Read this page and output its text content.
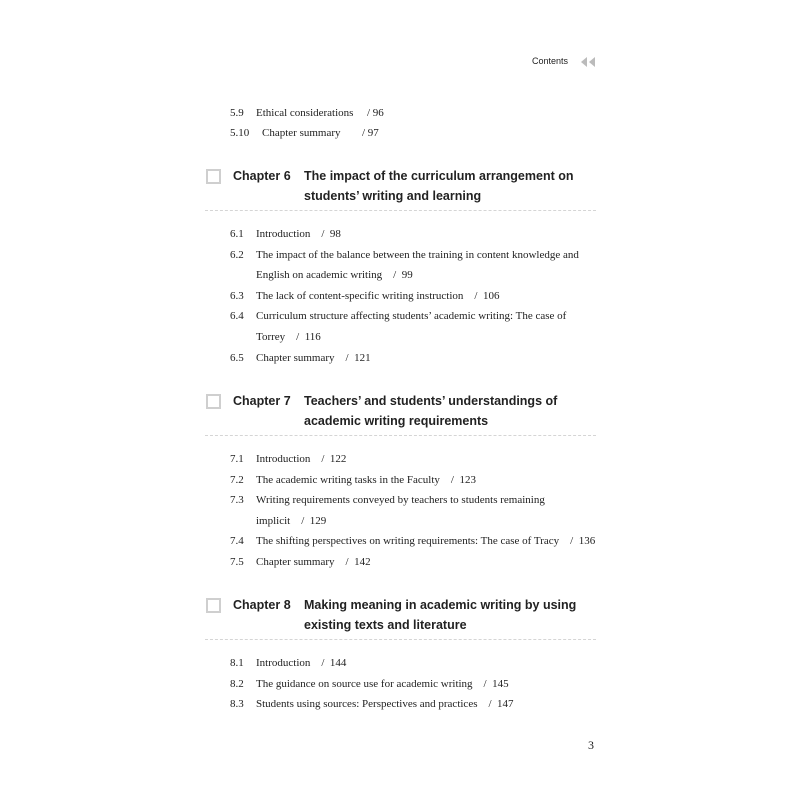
Contents
5.9 Ethical considerations / 96
5.10 Chapter summary / 97
Chapter 6 The impact of the curriculum arrangement on
students’ writing and learning
6.1 Introduction    /  98
6.2 The impact of the balance between the training in content knowledge and
English on academic writing    /  99
6.3 The lack of content-specific writing instruction    /  106
6.4 Curriculum structure affecting students’ academic writing: The case of
Torrey    /  116
6.5 Chapter summary    /  121
Chapter 7 Teachers’ and students’ understandings of
academic writing requirements
7.1 Introduction    /  122
7.2 The academic writing tasks in the Faculty    /  123
7.3 Writing requirements conveyed by teachers to students remaining
implicit    /  129
7.4 The shifting perspectives on writing requirements: The case of Tracy    /  136
7.5 Chapter summary    /  142
Chapter 8 Making meaning in academic writing by using
existing texts and literature
8.1 Introduction    /  144
8.2 The guidance on source use for academic writing    /  145
8.3 Students using sources: Perspectives and practices    /  147
3
